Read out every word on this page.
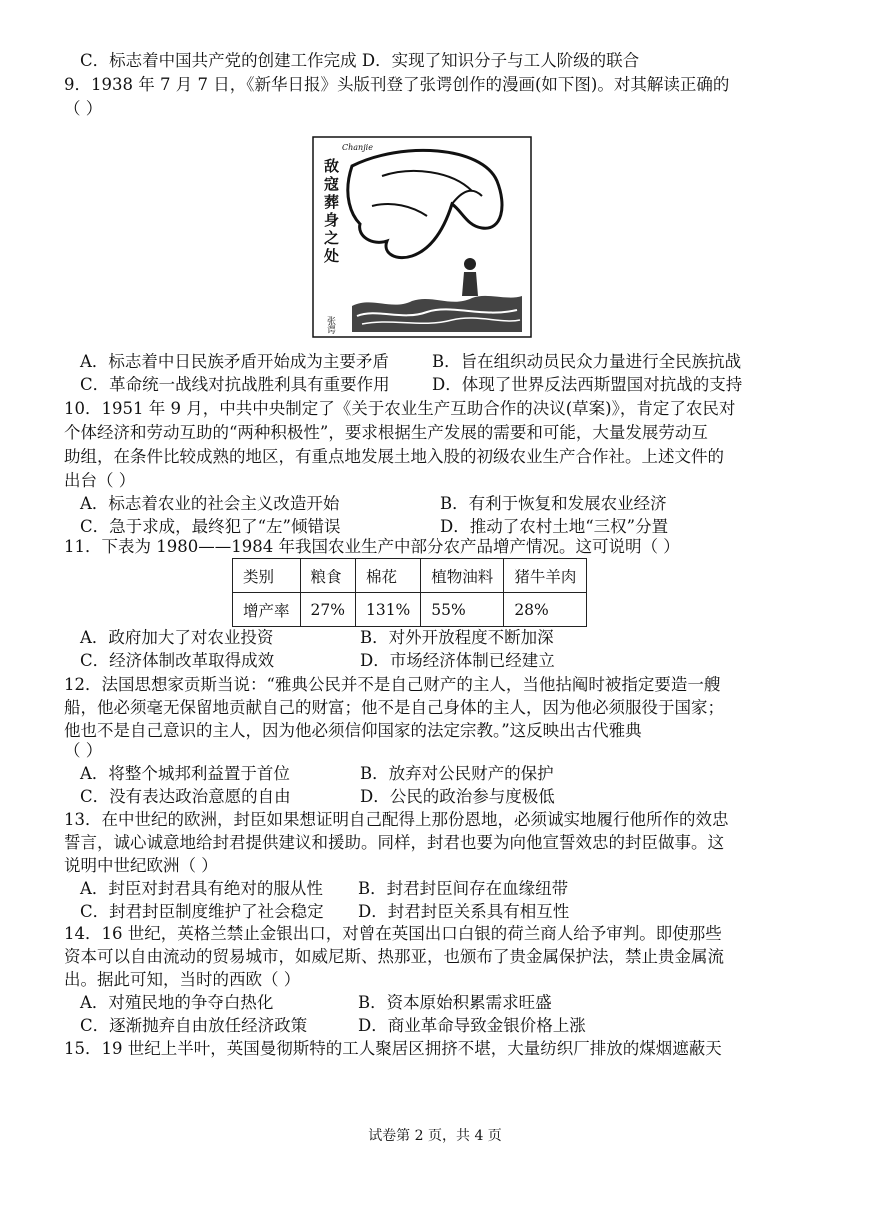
C．标志着中国共产党的创建工作完成 D．实现了知识分子与工人阶级的联合
9．1938 年 7 月 7 日，《新华日报》头版刊登了张谔创作的漫画(如下图)。对其解读正确的
（ ）
Chanjie
张谔
敌寇葬身之处
A．标志着中日民族矛盾开始成为主要矛盾	B．旨在组织动员民众力量进行全民族抗战
C．革命统一战线对抗战胜利具有重要作用	D．体现了世界反法西斯盟国对抗战的支持
10．1951 年 9 月，中共中央制定了《关于农业生产互助合作的决议(草案)》，肯定了农民对
个体经济和劳动互助的“两种积极性”，要求根据生产发展的需要和可能，大量发展劳动互
助组，在条件比较成熟的地区，有重点地发展土地入股的初级农业生产合作社。上述文件的
出台（ ）
A．标志着农业的社会主义改造开始	B．有利于恢复和发展农业经济
C．急于求成，最终犯了“左”倾错误	D．推动了农村土地“三权”分置
11．下表为 1980——1984 年我国农业生产中部分农产品增产情况。这可说明（ ）
类别	粮食	棉花	植物油料	猪牛羊肉
增产率	27%	131%	55%	28%
A．政府加大了对农业投资	B．对外开放程度不断加深
C．经济体制改革取得成效	D．市场经济体制已经建立
12．法国思想家贡斯当说：“雅典公民并不是自己财产的主人，当他拈阄时被指定要造一艘
船，他必须毫无保留地贡献自己的财富；他不是自己身体的主人，因为他必须服役于国家；
他也不是自己意识的主人，因为他必须信仰国家的法定宗教。”这反映出古代雅典
（ ）
A．将整个城邦利益置于首位	B．放弃对公民财产的保护
C．没有表达政治意愿的自由	D．公民的政治参与度极低
13．在中世纪的欧洲，封臣如果想证明自己配得上那份恩地，必须诚实地履行他所作的效忠
誓言，诚心诚意地给封君提供建议和援助。同样，封君也要为向他宣誓效忠的封臣做事。这
说明中世纪欧洲（ ）
A．封臣对封君具有绝对的服从性 B．封君封臣间存在血缘纽带
C．封君封臣制度维护了社会稳定 D．封君封臣关系具有相互性
14．16 世纪，英格兰禁止金银出口，对曾在英国出口白银的荷兰商人给予审判。即使那些
资本可以自由流动的贸易城市，如威尼斯、热那亚，也颁布了贵金属保护法，禁止贵金属流
出。据此可知，当时的西欧（ ）
A．对殖民地的争夺白热化	B．资本原始积累需求旺盛
C．逐渐抛弃自由放任经济政策	D．商业革命导致金银价格上涨
15．19 世纪上半叶，英国曼彻斯特的工人聚居区拥挤不堪，大量纺织厂排放的煤烟遮蔽天
试卷第 2 页，共 4 页
